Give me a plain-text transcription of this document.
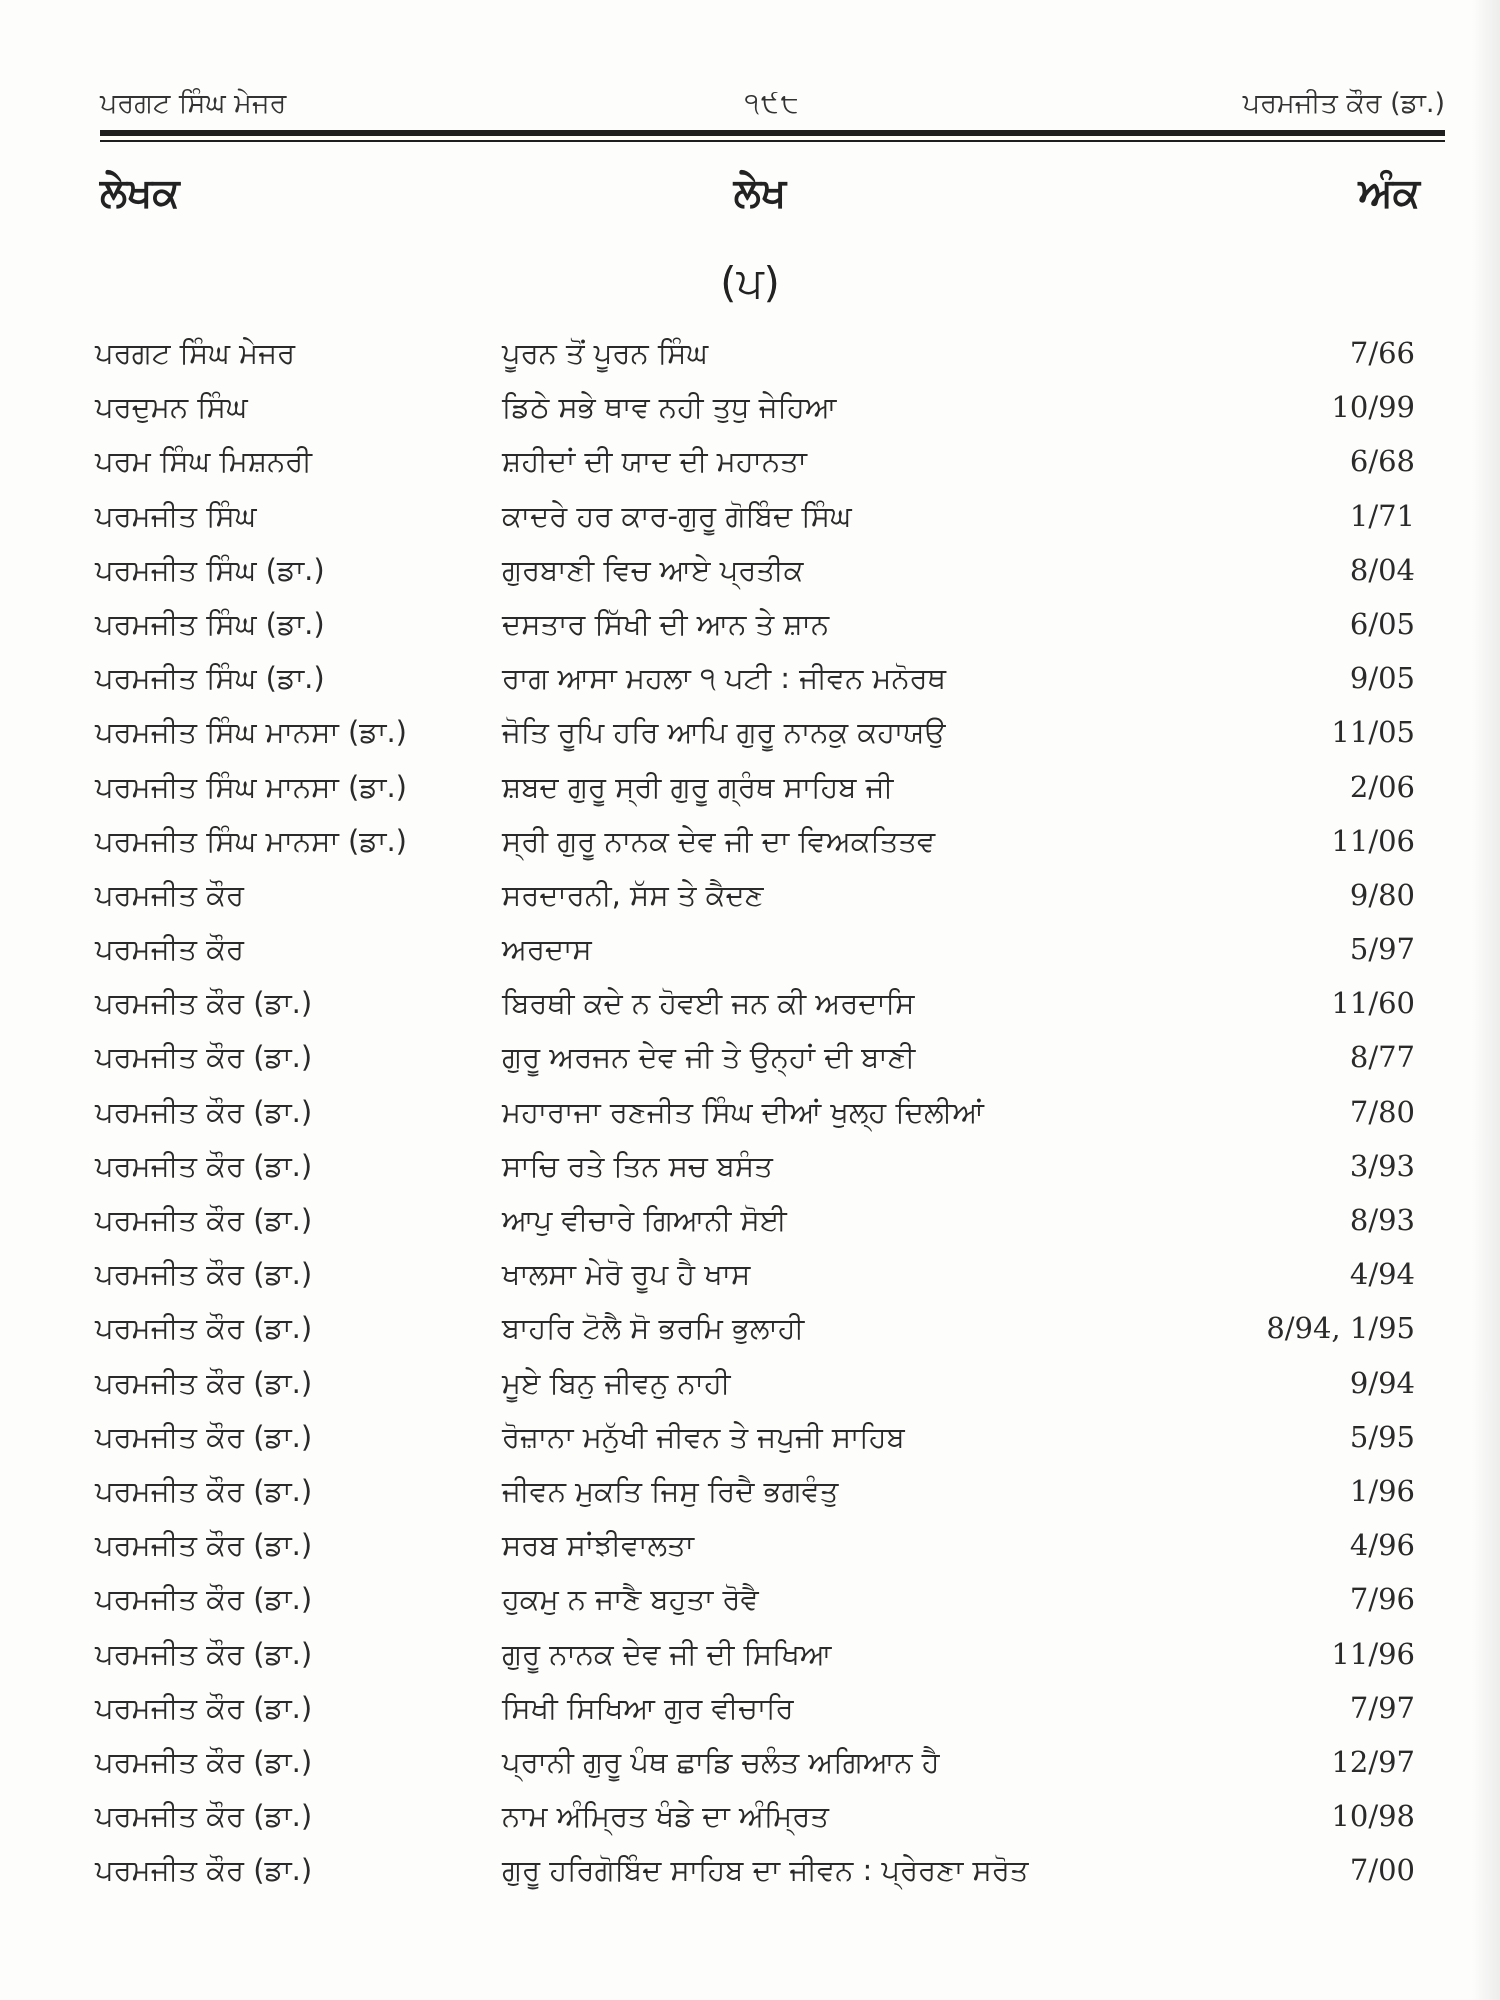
ਪਰਗਟ ਸਿੰਘ ਮੇਜਰ	੧੯੮	ਪਰਮਜੀਤ ਕੌਰ (ਡਾ.)
ਲੇਖਕ	ਲੇਖ	ਅੰਕ
(ਪ)
ਪਰਗਟ ਸਿੰਘ ਮੇਜਰ	ਪੂਰਨ ਤੋਂ ਪੂਰਨ ਸਿੰਘ	7/66
ਪਰਦੁਮਨ ਸਿੰਘ	ਡਿਠੇ ਸਭੇ ਥਾਵ ਨਹੀ ਤੁਧੁ ਜੇਹਿਆ	10/99
ਪਰਮ ਸਿੰਘ ਮਿਸ਼ਨਰੀ	ਸ਼ਹੀਦਾਂ ਦੀ ਯਾਦ ਦੀ ਮਹਾਨਤਾ	6/68
ਪਰਮਜੀਤ ਸਿੰਘ	ਕਾਦਰੇ ਹਰ ਕਾਰ-ਗੁਰੂ ਗੋਬਿੰਦ ਸਿੰਘ	1/71
ਪਰਮਜੀਤ ਸਿੰਘ (ਡਾ.)	ਗੁਰਬਾਣੀ ਵਿਚ ਆਏ ਪ੍ਰਤੀਕ	8/04
ਪਰਮਜੀਤ ਸਿੰਘ (ਡਾ.)	ਦਸਤਾਰ ਸਿੱਖੀ ਦੀ ਆਨ ਤੇ ਸ਼ਾਨ	6/05
ਪਰਮਜੀਤ ਸਿੰਘ (ਡਾ.)	ਰਾਗ ਆਸਾ ਮਹਲਾ ੧ ਪਟੀ : ਜੀਵਨ ਮਨੋਰਥ	9/05
ਪਰਮਜੀਤ ਸਿੰਘ ਮਾਨਸਾ (ਡਾ.)	ਜੋਤਿ ਰੂਪਿ ਹਰਿ ਆਪਿ ਗੁਰੂ ਨਾਨਕੁ ਕਹਾਯਉ	11/05
ਪਰਮਜੀਤ ਸਿੰਘ ਮਾਨਸਾ (ਡਾ.)	ਸ਼ਬਦ ਗੁਰੂ ਸ੍ਰੀ ਗੁਰੂ ਗ੍ਰੰਥ ਸਾਹਿਬ ਜੀ	2/06
ਪਰਮਜੀਤ ਸਿੰਘ ਮਾਨਸਾ (ਡਾ.)	ਸ੍ਰੀ ਗੁਰੂ ਨਾਨਕ ਦੇਵ ਜੀ ਦਾ ਵਿਅਕਤਿਤਵ	11/06
ਪਰਮਜੀਤ ਕੌਰ	ਸਰਦਾਰਨੀ, ਸੱਸ ਤੇ ਕੈਦਣ	9/80
ਪਰਮਜੀਤ ਕੌਰ	ਅਰਦਾਸ	5/97
ਪਰਮਜੀਤ ਕੌਰ (ਡਾ.)	ਬਿਰਥੀ ਕਦੇ ਨ ਹੋਵਈ ਜਨ ਕੀ ਅਰਦਾਸਿ	11/60
ਪਰਮਜੀਤ ਕੌਰ (ਡਾ.)	ਗੁਰੂ ਅਰਜਨ ਦੇਵ ਜੀ ਤੇ ਉਨ੍ਹਾਂ ਦੀ ਬਾਣੀ	8/77
ਪਰਮਜੀਤ ਕੌਰ (ਡਾ.)	ਮਹਾਰਾਜਾ ਰਣਜੀਤ ਸਿੰਘ ਦੀਆਂ ਖੁਲ੍ਹ ਦਿਲੀਆਂ	7/80
ਪਰਮਜੀਤ ਕੌਰ (ਡਾ.)	ਸਾਚਿ ਰਤੇ ਤਿਨ ਸਚ ਬਸੰਤ	3/93
ਪਰਮਜੀਤ ਕੌਰ (ਡਾ.)	ਆਪੁ ਵੀਚਾਰੇ ਗਿਆਨੀ ਸੋਈ	8/93
ਪਰਮਜੀਤ ਕੌਰ (ਡਾ.)	ਖਾਲਸਾ ਮੇਰੋ ਰੂਪ ਹੈ ਖਾਸ	4/94
ਪਰਮਜੀਤ ਕੌਰ (ਡਾ.)	ਬਾਹਰਿ ਟੋਲੈ ਸੋ ਭਰਮਿ ਭੁਲਾਹੀ	8/94, 1/95
ਪਰਮਜੀਤ ਕੌਰ (ਡਾ.)	ਮੂਏ ਬਿਨੁ ਜੀਵਨੁ ਨਾਹੀ	9/94
ਪਰਮਜੀਤ ਕੌਰ (ਡਾ.)	ਰੋਜ਼ਾਨਾ ਮਨੁੱਖੀ ਜੀਵਨ ਤੇ ਜਪੁਜੀ ਸਾਹਿਬ	5/95
ਪਰਮਜੀਤ ਕੌਰ (ਡਾ.)	ਜੀਵਨ ਮੁਕਤਿ ਜਿਸੁ ਰਿਦੈ ਭਗਵੰਤੁ	1/96
ਪਰਮਜੀਤ ਕੌਰ (ਡਾ.)	ਸਰਬ ਸਾਂਝੀਵਾਲਤਾ	4/96
ਪਰਮਜੀਤ ਕੌਰ (ਡਾ.)	ਹੁਕਮੁ ਨ ਜਾਣੈ ਬਹੁਤਾ ਰੋਵੈ	7/96
ਪਰਮਜੀਤ ਕੌਰ (ਡਾ.)	ਗੁਰੂ ਨਾਨਕ ਦੇਵ ਜੀ ਦੀ ਸਿਖਿਆ	11/96
ਪਰਮਜੀਤ ਕੌਰ (ਡਾ.)	ਸਿਖੀ ਸਿਖਿਆ ਗੁਰ ਵੀਚਾਰਿ	7/97
ਪਰਮਜੀਤ ਕੌਰ (ਡਾ.)	ਪ੍ਰਾਨੀ ਗੁਰੂ ਪੰਥ ਛਾਡਿ ਚਲੰਤ ਅਗਿਆਨ ਹੈ	12/97
ਪਰਮਜੀਤ ਕੌਰ (ਡਾ.)	ਨਾਮ ਅੰਮ੍ਰਿਤ ਖੰਡੇ ਦਾ ਅੰਮ੍ਰਿਤ	10/98
ਪਰਮਜੀਤ ਕੌਰ (ਡਾ.)	ਗੁਰੂ ਹਰਿਗੋਬਿੰਦ ਸਾਹਿਬ ਦਾ ਜੀਵਨ : ਪ੍ਰੇਰਣਾ ਸਰੋਤ	7/00
